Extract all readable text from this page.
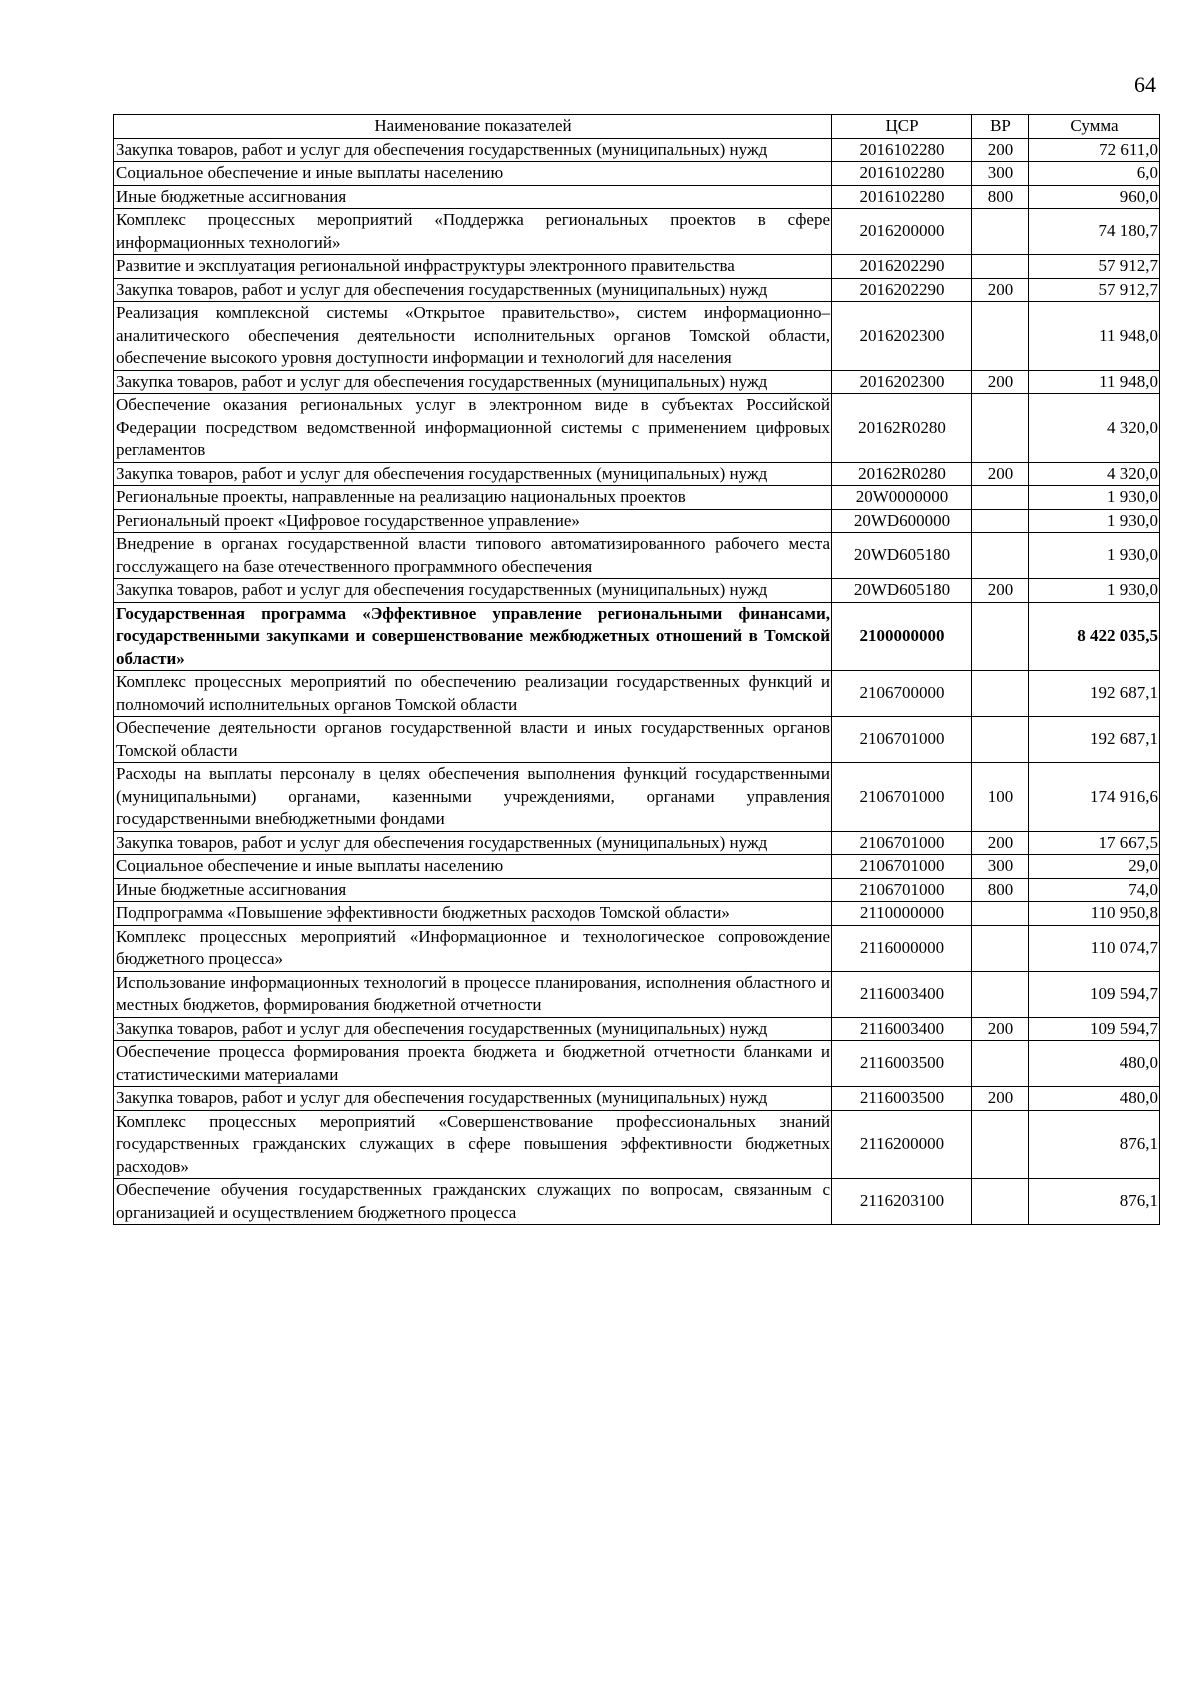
64
Наименование показателей	ЦСР	ВР	Сумма
Закупка товаров, работ и услуг для обеспечения государственных (муниципальных) нужд	2016102280	200	72 611,0
Социальное обеспечение и иные выплаты населению	2016102280	300	6,0
Иные бюджетные ассигнования	2016102280	800	960,0
Комплекс процессных мероприятий «Поддержка региональных проектов в сфере информационных технологий»	2016200000		74 180,7
Развитие и эксплуатация региональной инфраструктуры электронного правительства	2016202290		57 912,7
Закупка товаров, работ и услуг для обеспечения государственных (муниципальных) нужд	2016202290	200	57 912,7
Реализация комплексной системы «Открытое правительство», систем информационно–аналитического обеспечения деятельности исполнительных органов Томской области, обеспечение высокого уровня доступности информации и технологий для населения	2016202300		11 948,0
Закупка товаров, работ и услуг для обеспечения государственных (муниципальных) нужд	2016202300	200	11 948,0
Обеспечение оказания региональных услуг в электронном виде в субъектах Российской Федерации посредством ведомственной информационной системы с применением цифровых регламентов	20162R0280		4 320,0
Закупка товаров, работ и услуг для обеспечения государственных (муниципальных) нужд	20162R0280	200	4 320,0
Региональные проекты, направленные на реализацию национальных проектов	20W0000000		1 930,0
Региональный проект «Цифровое государственное управление»	20WD600000		1 930,0
Внедрение в органах государственной власти типового автоматизированного рабочего места госслужащего на базе отечественного программного обеспечения	20WD605180		1 930,0
Закупка товаров, работ и услуг для обеспечения государственных (муниципальных) нужд	20WD605180	200	1 930,0
Государственная программа «Эффективное управление региональными финансами, государственными закупками и совершенствование межбюджетных отношений в Томской области»	2100000000		8 422 035,5
Комплекс процессных мероприятий по обеспечению реализации государственных функций и полномочий исполнительных органов Томской области	2106700000		192 687,1
Обеспечение деятельности органов государственной власти и иных государственных органов Томской области	2106701000		192 687,1
Расходы на выплаты персоналу в целях обеспечения выполнения функций государственными (муниципальными) органами, казенными учреждениями, органами управления государственными внебюджетными фондами	2106701000	100	174 916,6
Закупка товаров, работ и услуг для обеспечения государственных (муниципальных) нужд	2106701000	200	17 667,5
Социальное обеспечение и иные выплаты населению	2106701000	300	29,0
Иные бюджетные ассигнования	2106701000	800	74,0
Подпрограмма «Повышение эффективности бюджетных расходов Томской области»	2110000000		110 950,8
Комплекс процессных мероприятий «Информационное и технологическое сопровождение бюджетного процесса»	2116000000		110 074,7
Использование информационных технологий в процессе планирования, исполнения областного и местных бюджетов, формирования бюджетной отчетности	2116003400		109 594,7
Закупка товаров, работ и услуг для обеспечения государственных (муниципальных) нужд	2116003400	200	109 594,7
Обеспечение процесса формирования проекта бюджета и бюджетной отчетности бланками и статистическими материалами	2116003500		480,0
Закупка товаров, работ и услуг для обеспечения государственных (муниципальных) нужд	2116003500	200	480,0
Комплекс процессных мероприятий «Совершенствование профессиональных знаний государственных гражданских служащих в сфере повышения эффективности бюджетных расходов»	2116200000		876,1
Обеспечение обучения государственных гражданских служащих по вопросам, связанным с организацией и осуществлением бюджетного процесса	2116203100		876,1
